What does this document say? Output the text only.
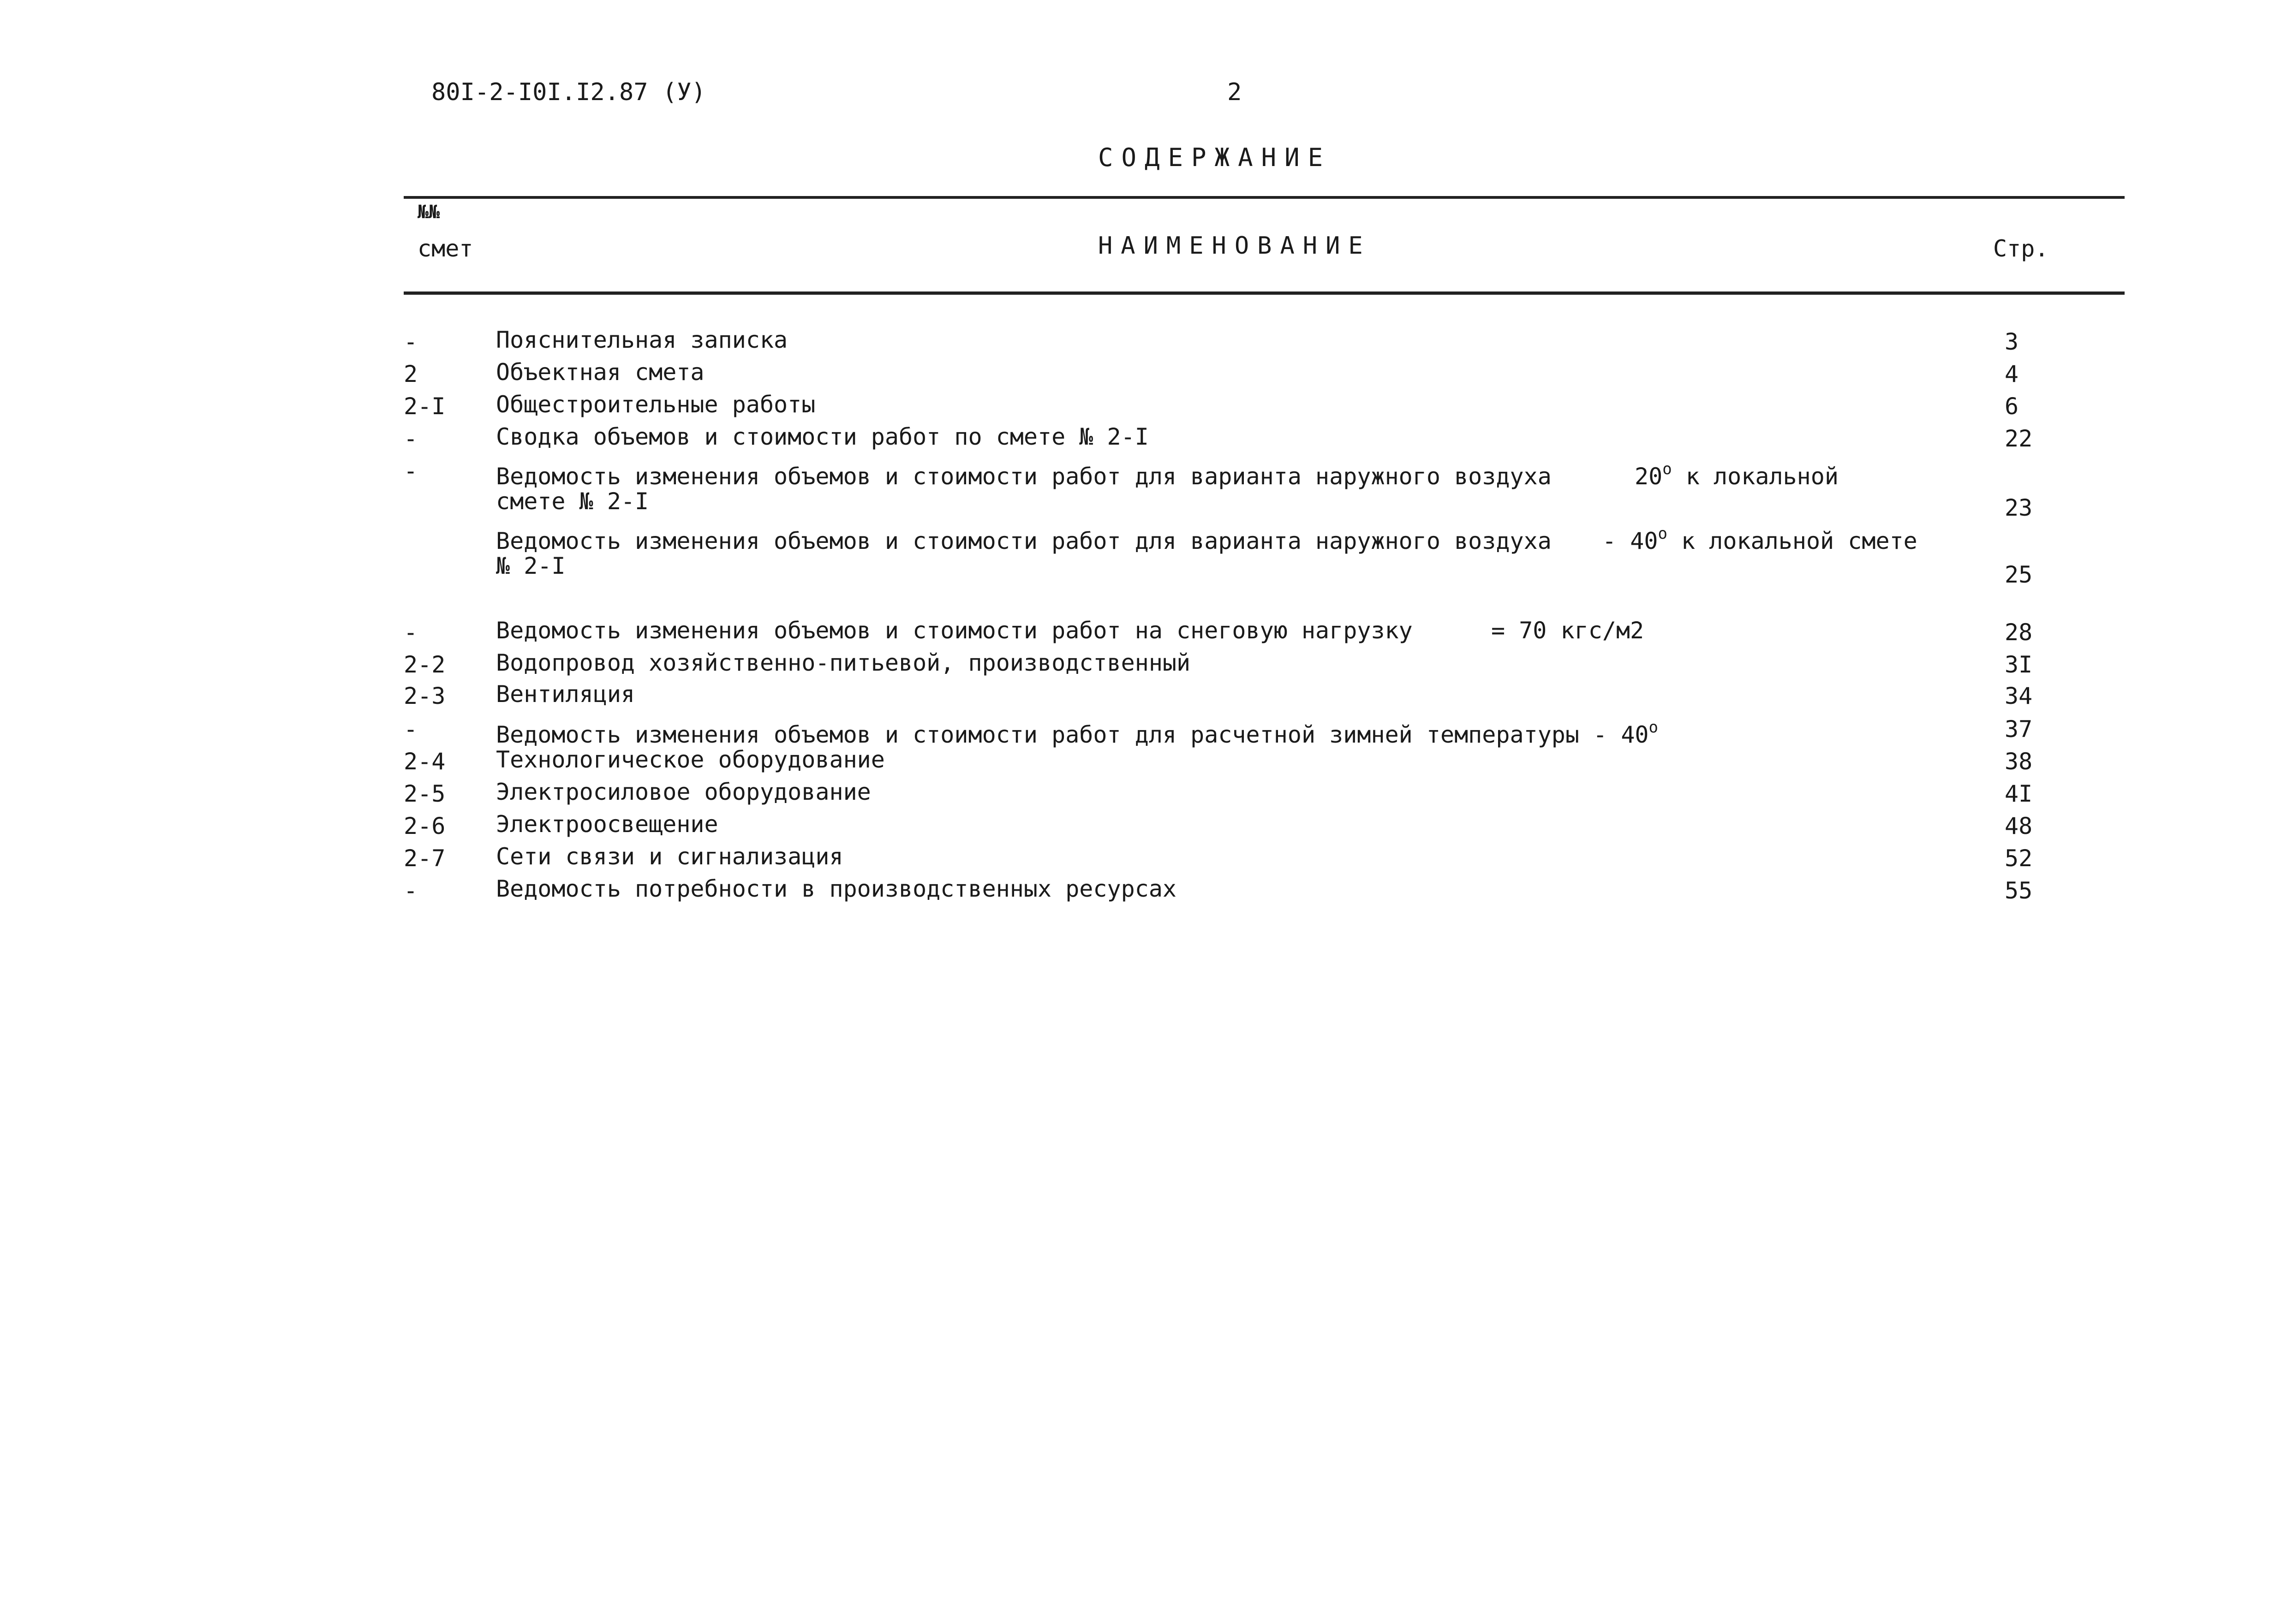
80I-2-I0I.I2.87 (У)	2
СОДЕРЖАНИЕ
№№
смет	НАИМЕНОВАНИЕ	Стр.
-	Пояснительная записка	3
2	Объектная смета	4
2-I Общестроительные работы	6
-	Сводка объемов и стоимости работ по смете № 2-I	22
-	Ведомость изменения объемов и стоимости работ для варианта наружного воздуха	$20^о$ к локальной
смете № 2-I	23
Ведомость изменения объемов и стоимости работ для варианта наружного воздуха - $40^о$ к локальной смете
№ 2-I	25
-	Ведомость изменения объемов и стоимости работ на снеговую нагрузку	= 70 кгс/м2	28
2-2 Водопровод хозяйственно-питьевой, производственный	3I
2-3 Вентиляция	34
-	Ведомость изменения объемов и стоимости работ для расчетной зимней температуры - $40^о$	37
2-4 Технологическое оборудование	38
2-5 Электросиловое оборудование	4I
2-6 Электроосвещение	48
2-7 Сети связи и сигнализация	52
-	Ведомость потребности в производственных ресурсах	55
